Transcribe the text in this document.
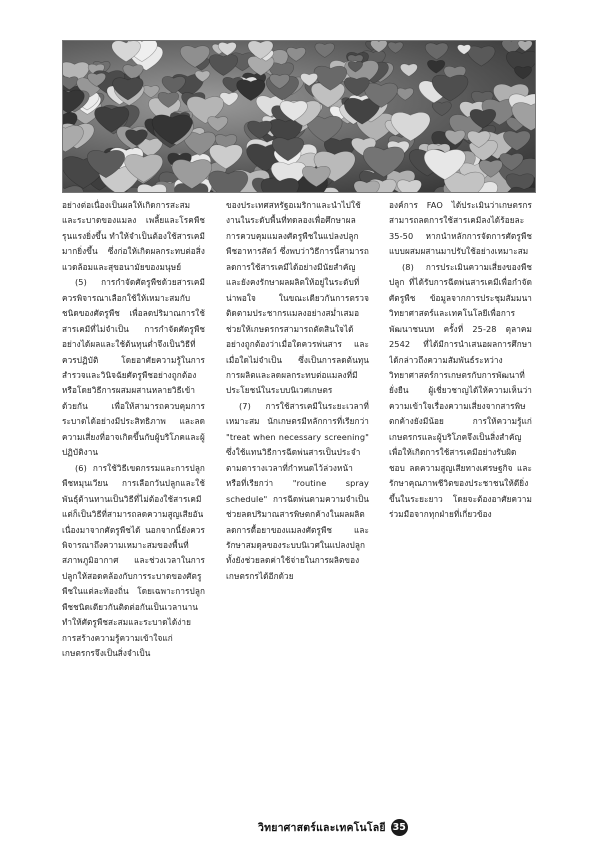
อย่างต่อเนื่องเป็นผลให้เกิดการสะสมและระบาดของแมลง เพลี้ยและโรคพืชรุนแรงยิ่งขึ้น ทำให้จำเป็นต้องใช้สารเคมีมากยิ่งขึ้น ซึ่งก่อให้เกิดผลกระทบต่อสิ่งแวดล้อมและสุขอนามัยของมนุษย์

(5) การกำจัดศัตรูพืชด้วยสารเคมีควรพิจารณาเลือกใช้ให้เหมาะสมกับชนิดของศัตรูพืช เพื่อลดปริมาณการใช้สารเคมีที่ไม่จำเป็น การกำจัดศัตรูพืชอย่างได้ผลและใช้ต้นทุนต่ำจึงเป็นวิธีที่ควรปฏิบัติ โดยอาศัยความรู้ในการสำรวจและวินิจฉัยศัตรูพืชอย่างถูกต้อง หรือโดยวิธีการผสมผสานหลายวิธีเข้าด้วยกัน เพื่อให้สามารถควบคุมการระบาดได้อย่างมีประสิทธิภาพ และลดความเสี่ยงที่อาจเกิดขึ้นกับผู้บริโภคและผู้ปฏิบัติงาน

(6) การใช้วิธีเขตกรรมและการปลูกพืชหมุนเวียน การเลือกวันปลูกและใช้พันธุ์ต้านทานเป็นวิธีที่ไม่ต้องใช้สารเคมี แต่ก็เป็นวิธีที่สามารถลดความสูญเสียอันเนื่องมาจากศัตรูพืชได้ นอกจากนี้ยังควรพิจารณาถึงความเหมาะสมของพื้นที่ สภาพภูมิอากาศ และช่วงเวลาในการปลูกให้สอดคล้องกับการระบาดของศัตรูพืชในแต่ละท้องถิ่น โดยเฉพาะการปลูกพืชชนิดเดียวกันติดต่อกันเป็นเวลานาน ทำให้ศัตรูพืชสะสมและระบาดได้ง่าย การสร้างความรู้ความเข้าใจแก่เกษตรกรจึงเป็นสิ่งจำเป็น

ของประเทศสหรัฐอเมริกาและนำไปใช้งานในระดับพื้นที่ทดลองเพื่อศึกษาผลการควบคุมแมลงศัตรูพืชในแปลงปลูกพืชอาหารสัตว์ ซึ่งพบว่าวิธีการนี้สามารถลดการใช้สารเคมีได้อย่างมีนัยสำคัญ และยังคงรักษาผลผลิตให้อยู่ในระดับที่น่าพอใจ ในขณะเดียวกันการตรวจติดตามประชากรแมลงอย่างสม่ำเสมอช่วยให้เกษตรกรสามารถตัดสินใจได้อย่างถูกต้องว่าเมื่อใดควรพ่นสาร และเมื่อใดไม่จำเป็น ซึ่งเป็นการลดต้นทุนการผลิตและลดผลกระทบต่อแมลงที่มีประโยชน์ในระบบนิเวศเกษตร

(7) การใช้สารเคมีในระยะเวลาที่เหมาะสม นักเกษตรมีหลักการที่เรียกว่า "treat when necessary screening" ซึ่งใช้แทนวิธีการฉีดพ่นสารเป็นประจำตามตารางเวลาที่กำหนดไว้ล่วงหน้า หรือที่เรียกว่า "routine spray schedule" การฉีดพ่นตามความจำเป็นช่วยลดปริมาณสารพิษตกค้างในผลผลิต ลดการดื้อยาของแมลงศัตรูพืช และรักษาสมดุลของระบบนิเวศในแปลงปลูก ทั้งยังช่วยลดค่าใช้จ่ายในการผลิตของเกษตรกรได้อีกด้วย

องค์การ FAO ได้ประเมินว่าเกษตรกรสามารถลดการใช้สารเคมีลงได้ร้อยละ 35-50 หากนำหลักการจัดการศัตรูพืชแบบผสมผสานมาปรับใช้อย่างเหมาะสม

(8) การประเมินความเสี่ยงของพืชปลูก ที่ได้รับการฉีดพ่นสารเคมีเพื่อกำจัดศัตรูพืช ข้อมูลจากการประชุมสัมมนาวิทยาศาสตร์และเทคโนโลยีเพื่อการพัฒนาชนบท ครั้งที่ 25-28 ตุลาคม 2542 ที่ได้มีการนำเสนอผลการศึกษา ได้กล่าวถึงความสัมพันธ์ระหว่างวิทยาศาสตร์การเกษตรกับการพัฒนาที่ยั่งยืน ผู้เชี่ยวชาญได้ให้ความเห็นว่าความเข้าใจเรื่องความเสี่ยงจากสารพิษตกค้างยังมีน้อย การให้ความรู้แก่เกษตรกรและผู้บริโภคจึงเป็นสิ่งสำคัญ เพื่อให้เกิดการใช้สารเคมีอย่างรับผิดชอบ ลดความสูญเสียทางเศรษฐกิจ และรักษาคุณภาพชีวิตของประชาชนให้ดียิ่งขึ้นในระยะยาว โดยจะต้องอาศัยความร่วมมือจากทุกฝ่ายที่เกี่ยวข้อง

วิทยาศาสตร์และเทคโนโลยี 35
